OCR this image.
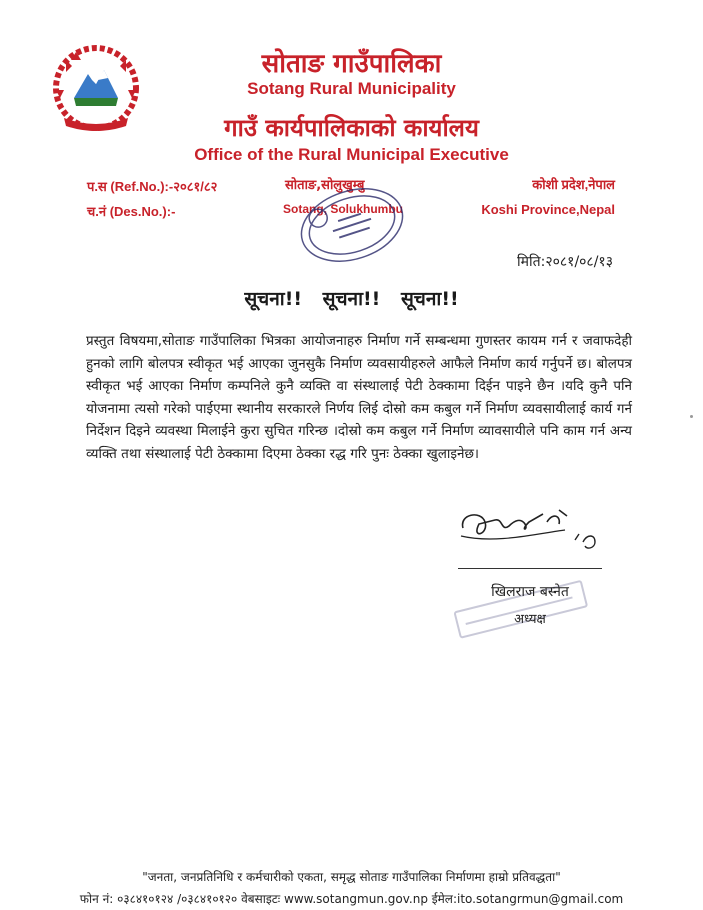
सोताङ गाउँपालिका
Sotang Rural Municipality
गाउँ कार्यपालिकाको कार्यालय
Office of the Rural Municipal Executive
प.स (Ref.No.):-२०८१/८२
च.नं (Des.No.):-
सोताङ,सोलुखुम्बु
Sotang, Solukhumbu
कोशी प्रदेश,नेपाल
Koshi Province,Nepal
मिति:२०८१/०८/१३
सूचना!! सूचना!! सूचना!!
प्रस्तुत विषयमा,सोताङ गाउँपालिका भित्रका आयोजनाहरु निर्माण गर्ने सम्बन्धमा गुणस्तर कायम गर्न र जवाफदेही हुनको लागि बोलपत्र स्वीकृत भई आएका जुनसुकै निर्माण व्यवसायीहरुले आफैले निर्माण कार्य गर्नुपर्ने छ। बोलपत्र स्वीकृत भई आएका निर्माण कम्पनिले कुनै व्यक्ति वा संस्थालाई पेटी ठेक्कामा दिईन पाइने छैन ।यदि कुनै पनि योजनामा त्यसो गरेको पाईएमा स्थानीय सरकारले निर्णय लिई दोस्रो कम कबुल गर्ने निर्माण व्यवसायीलाई कार्य गर्न निर्देशन दिइने व्यवस्था मिलाईने कुरा सुचित गरिन्छ ।दोस्रो कम कबुल गर्ने निर्माण व्यावसायीले पनि काम गर्न अन्य व्यक्ति तथा संस्थालाई पेटी ठेक्कामा दिएमा ठेक्का रद्ध गरि पुनः ठेक्का खुलाइनेछ।
खिलराज बस्नेत
अध्यक्ष
"जनता, जनप्रतिनिधि र कर्मचारीको एकता, समृद्ध सोताङ गाउँपालिका निर्माणमा हाम्रो प्रतिवद्धता"
फोन नं: ०३८४१०१२४ /०३८४१०१२० वेबसाइटः www.sotangmun.gov.np ईमेल:ito.sotangrmun@gmail.com
